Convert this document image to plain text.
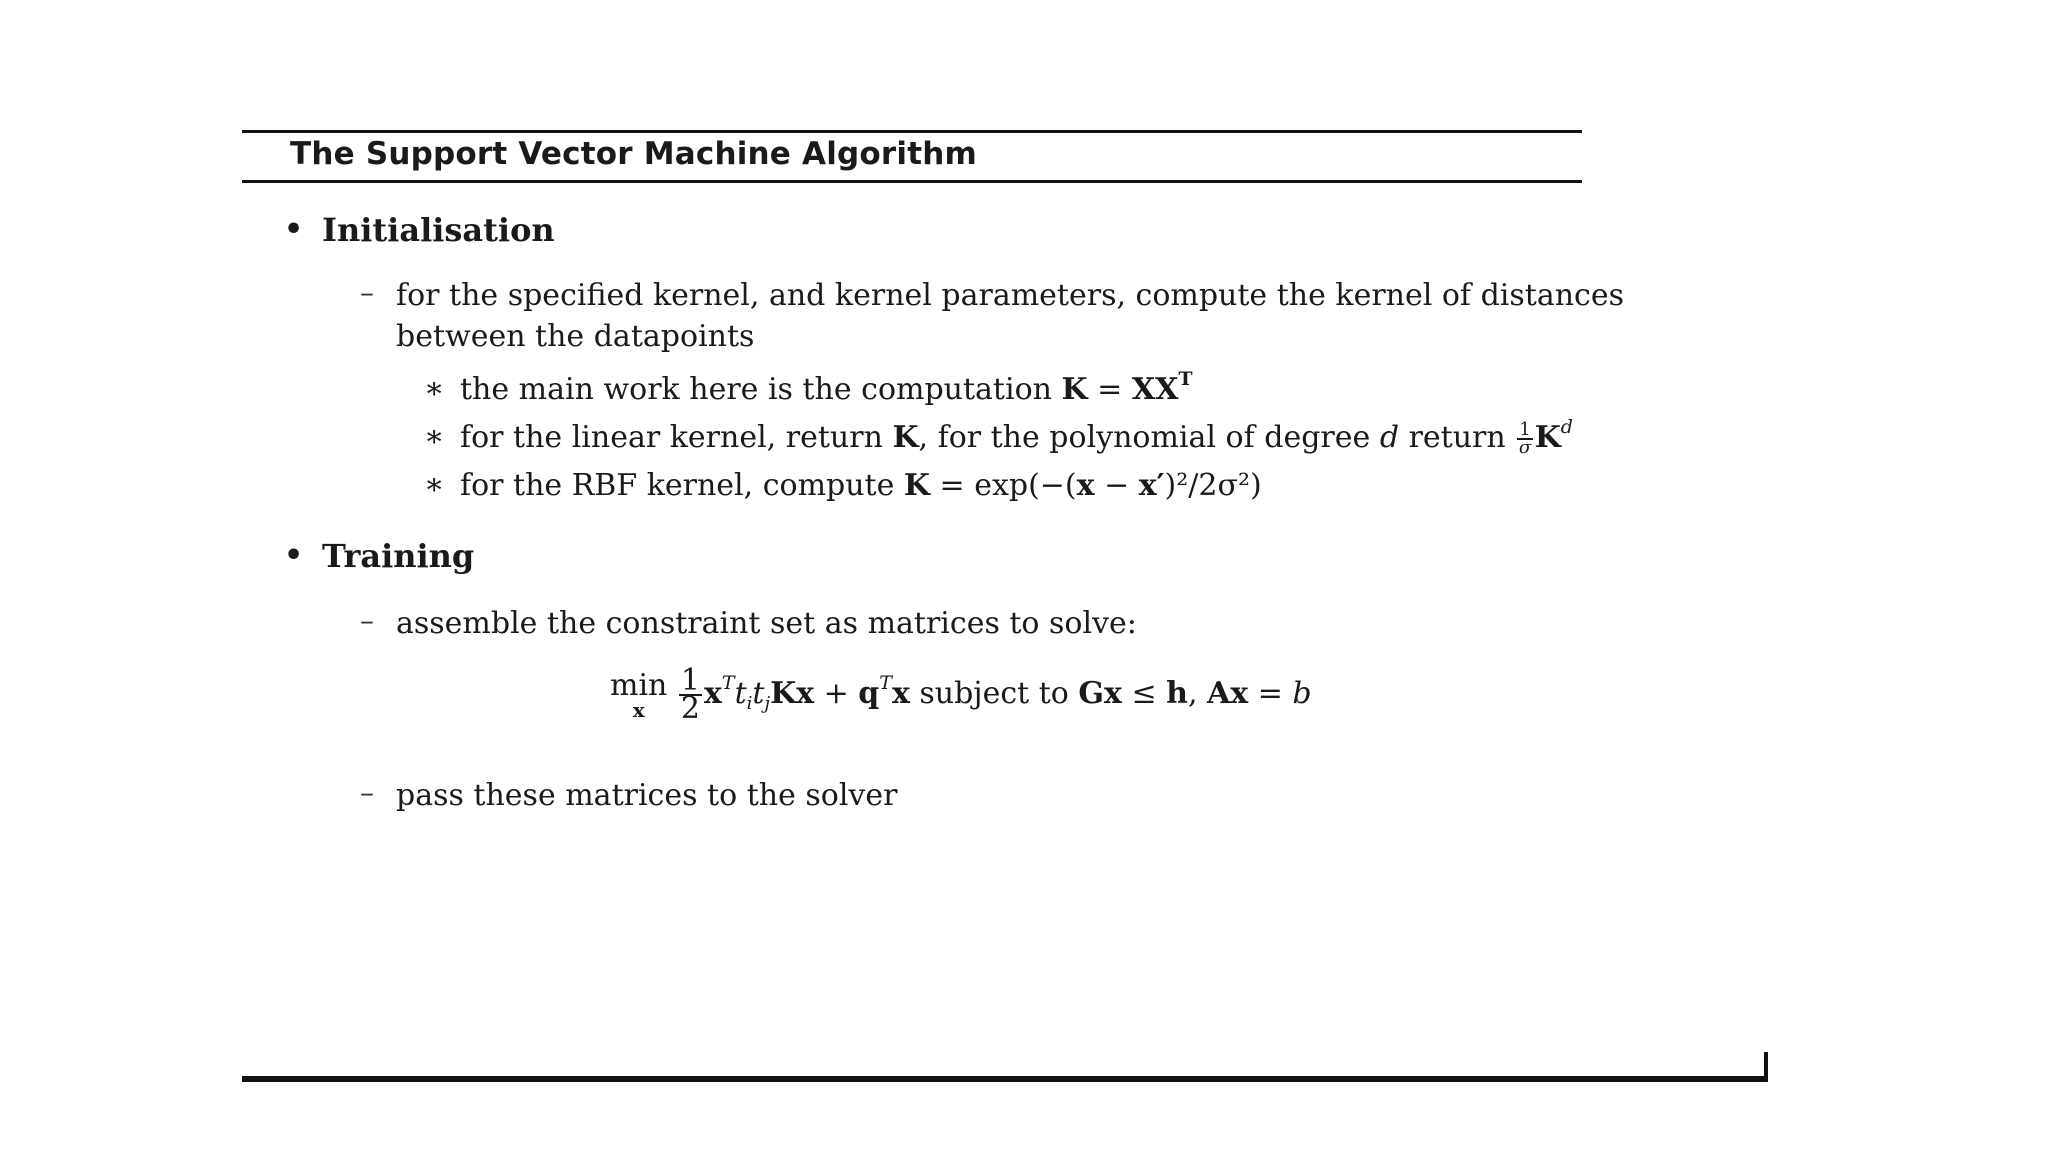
The Support Vector Machine Algorithm
• Initialisation
– for the specified kernel, and kernel parameters, compute the kernel of distances
between the datapoints
∗ the main work here is the computation $K = XX^T$
∗ for the linear kernel, return K, for the polynomial of degree d return $\frac{1}{\sigma} K^d$
∗ for the RBF kernel, compute K = exp(−(x − x′)²/2σ²)
• Training
– assemble the constraint set as matrices to solve:
min
x
	$\frac{1}{2} x^Tt_it_jKx + q^Tx$ subject to Gx ≤ h, Ax = b
– pass these matrices to the solver
